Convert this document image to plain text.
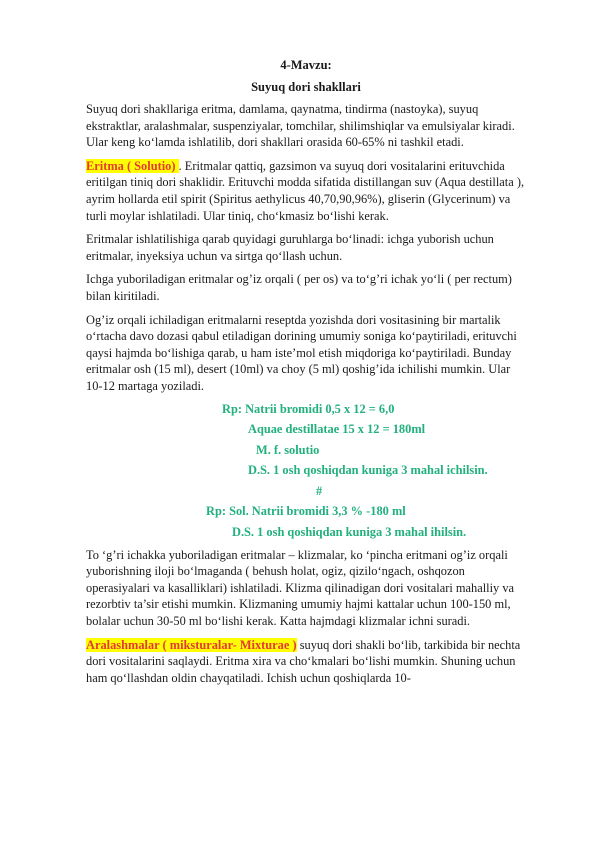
4-Mavzu:
Suyuq dori shakllari

Suyuq dori shakllariga eritma, damlama, qaynatma, tindirma (nastoyka), suyuq ekstraktlar, aralashmalar, suspenziyalar, tomchilar, shilimshiqlar va emulsiyalar kiradi. Ular keng ko‘lamda ishlatilib, dori shakllari orasida 60-65% ni tashkil etadi.

Eritma ( Solutio) . Eritmalar qattiq, gazsimon va suyuq dori vositalarini erituvchida eritilgan tiniq dori shaklidir. Erituvchi modda sifatida distillangan suv (Aqua destillata ), ayrim hollarda etil spirit (Spiritus aethylicus 40,70,90,96%), gliserin (Glycerinum) va turli moylar ishlatiladi. Ular tiniq, cho‘kmasiz bo‘lishi kerak.

Eritmalar ishlatilishiga qarab quyidagi guruhlarga bo‘linadi: ichga yuborish uchun eritmalar, inyeksiya uchun va sirtga qo‘llash uchun.

Ichga yuboriladigan eritmalar og’iz orqali ( per os) va to‘g’ri ichak yo‘li ( per rectum) bilan kiritiladi.

Og’iz orqali ichiladigan eritmalarni reseptda yozishda dori vositasining bir martalik o‘rtacha davo dozasi qabul etiladigan dorining umumiy soniga ko‘paytiriladi, erituvchi qaysi hajmda bo‘lishiga qarab, u ham iste’mol etish miqdoriga ko‘paytiriladi. Bunday eritmalar osh (15 ml), desert (10ml) va choy (5 ml) qoshig’ida ichilishi mumkin. Ular 10-12 martaga yoziladi.

Rp: Natrii bromidi 0,5 x 12 = 6,0
Aquae destillatae 15 x 12 = 180ml
M. f. solutio
D.S. 1 osh qoshiqdan kuniga 3 mahal ichilsin.
#
Rp: Sol. Natrii bromidi 3,3 % -180 ml
D.S. 1 osh qoshiqdan kuniga 3 mahal ihilsin.

To ‘g’ri ichakka yuboriladigan eritmalar – klizmalar, ko ‘pincha eritmani og’iz orqali yuborishning iloji bo‘lmaganda ( behush holat, ogiz, qizilo‘ngach, oshqozon operasiyalari va kasalliklari) ishlatiladi. Klizma qilinadigan dori vositalari mahalliy va rezorbtiv ta’sir etishi mumkin. Klizmaning umumiy hajmi kattalar uchun 100-150 ml, bolalar uchun 30-50 ml bo‘lishi kerak. Katta hajmdagi klizmalar ichni suradi.

Aralashmalar ( miksturalar- Mixturae ) suyuq dori shakli bo‘lib, tarkibida bir nechta dori vositalarini saqlaydi. Eritma xira va cho‘kmalari bo‘lishi mumkin. Shuning uchun ham qo‘llashdan oldin chayqatiladi. Ichish uchun qoshiqlarda 10-
